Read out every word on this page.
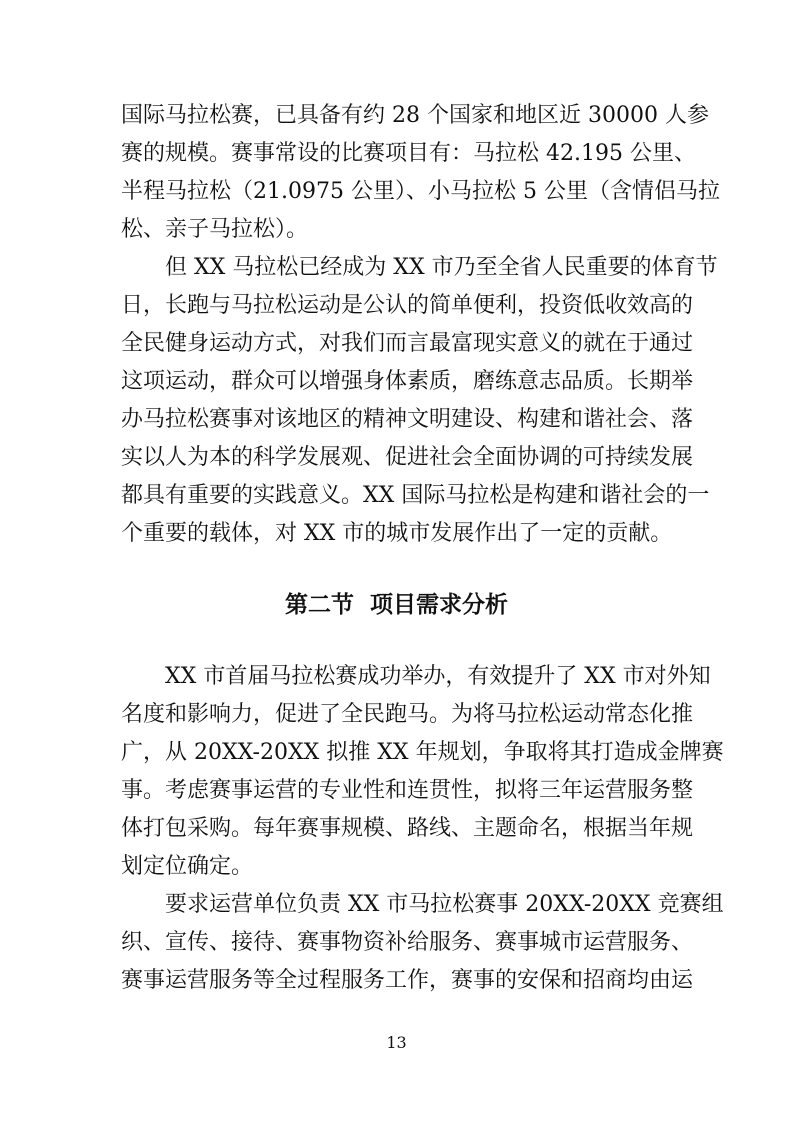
国际马拉松赛，已具备有约 28 个国家和地区近 30000 人参
赛的规模。赛事常设的比赛项目有：马拉松 42.195 公里、
半程马拉松（21.0975 公里）、小马拉松 5 公里（含情侣马拉
松、亲子马拉松）。
但 XX 马拉松已经成为 XX 市乃至全省人民重要的体育节
日，长跑与马拉松运动是公认的简单便利，投资低收效高的
全民健身运动方式，对我们而言最富现实意义的就在于通过
这项运动，群众可以增强身体素质，磨练意志品质。长期举
办马拉松赛事对该地区的精神文明建设、构建和谐社会、落
实以人为本的科学发展观、促进社会全面协调的可持续发展
都具有重要的实践意义。XX 国际马拉松是构建和谐社会的一
个重要的载体，对 XX 市的城市发展作出了一定的贡献。
第二节 项目需求分析
XX 市首届马拉松赛成功举办，有效提升了 XX 市对外知
名度和影响力，促进了全民跑马。为将马拉松运动常态化推
广，从 20XX-20XX 拟推 XX 年规划，争取将其打造成金牌赛
事。考虑赛事运营的专业性和连贯性，拟将三年运营服务整
体打包采购。每年赛事规模、路线、主题命名，根据当年规
划定位确定。
要求运营单位负责 XX 市马拉松赛事 20XX-20XX 竞赛组
织、宣传、接待、赛事物资补给服务、赛事城市运营服务、
赛事运营服务等全过程服务工作，赛事的安保和招商均由运
13
